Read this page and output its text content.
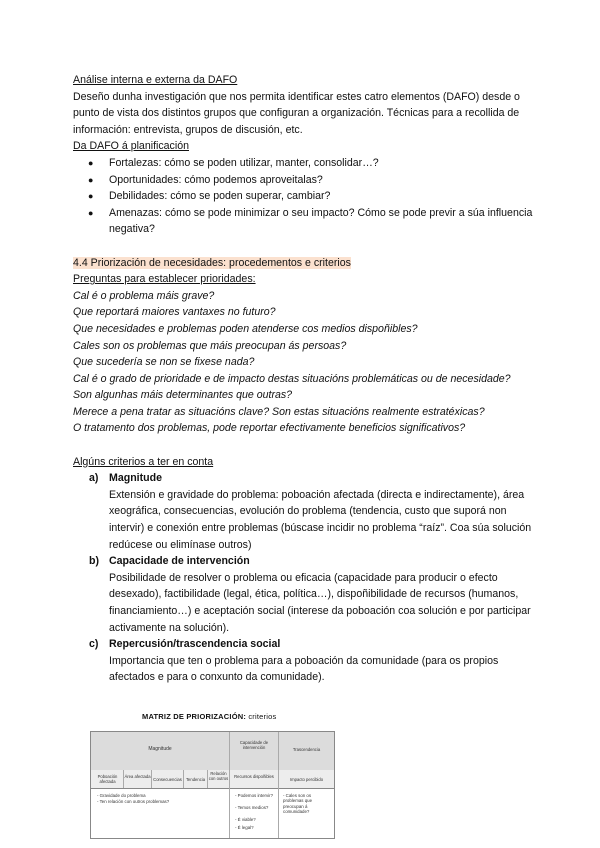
Análise interna e externa da DAFO

Deseño dunha investigación que nos permita identificar estes catro elementos (DAFO) desde o punto de vista dos distintos grupos que configuran a organización. Técnicas para a recollida de información: entrevista, grupos de discusión, etc.

Da DAFO á planificación

● Fortalezas: cómo se poden utilizar, manter, consolidar…?
● Oportunidades: cómo podemos aproveitalas?
● Debilidades: cómo se poden superar, cambiar?
● Amenazas: cómo se pode minimizar o seu impacto? Cómo se pode previr a súa influencia negativa?

4.4 Priorización de necesidades: procedementos e criterios

Preguntas para establecer prioridades:

Cal é o problema máis grave?

Que reportará maiores vantaxes no futuro?

Que necesidades e problemas poden atenderse cos medios dispoñibles?

Cales son os problemas que máis preocupan ás persoas?

Que sucedería se non se fixese nada?

Cal é o grado de prioridade e de impacto destas situacións problemáticas ou de necesidade?

Son algunhas máis determinantes que outras?

Merece a pena tratar as situacións clave? Son estas situacións realmente estratéxicas?

O tratamento dos problemas, pode reportar efectivamente beneficios significativos?

Algúns criterios a ter en conta

a) Magnitude
Extensión e gravidade do problema: poboación afectada (directa e indirectamente), área xeográfica, consecuencias, evolución do problema (tendencia, custo que suporá non intervir) e conexión entre problemas (búscase incidir no problema “raíz”. Coa súa solución redúcese ou elimínase outros)
b) Capacidade de intervención
Posibilidade de resolver o problema ou eficacia (capacidade para producir o efecto desexado), factibilidade (legal, ética, política…), dispoñibilidade de recursos (humanos, financiamiento…) e aceptación social (interese da poboación coa solución e por participar activamente na solución).
c) Repercusión/trascendencia social
Importancia que ten o problema para a poboación da comunidade (para os propios afectados e para o conxunto da comunidade).
MATRIZ DE PRIORIZACIÓN: criterios
Magnitude
Capacidade de intervención	Trascendencia
Poboación afectada
Área afectada
Consecuencias Tendencia
Relación con outros	Recursos dispoñibles
Impacto percibido
- Gravidade do problema
- Ten relación con outros problemas?
- Podemos intervir?
- Temos medios?
- É viable?
- É legal?
- Cales son os problemas que preocupan á comunidade?
